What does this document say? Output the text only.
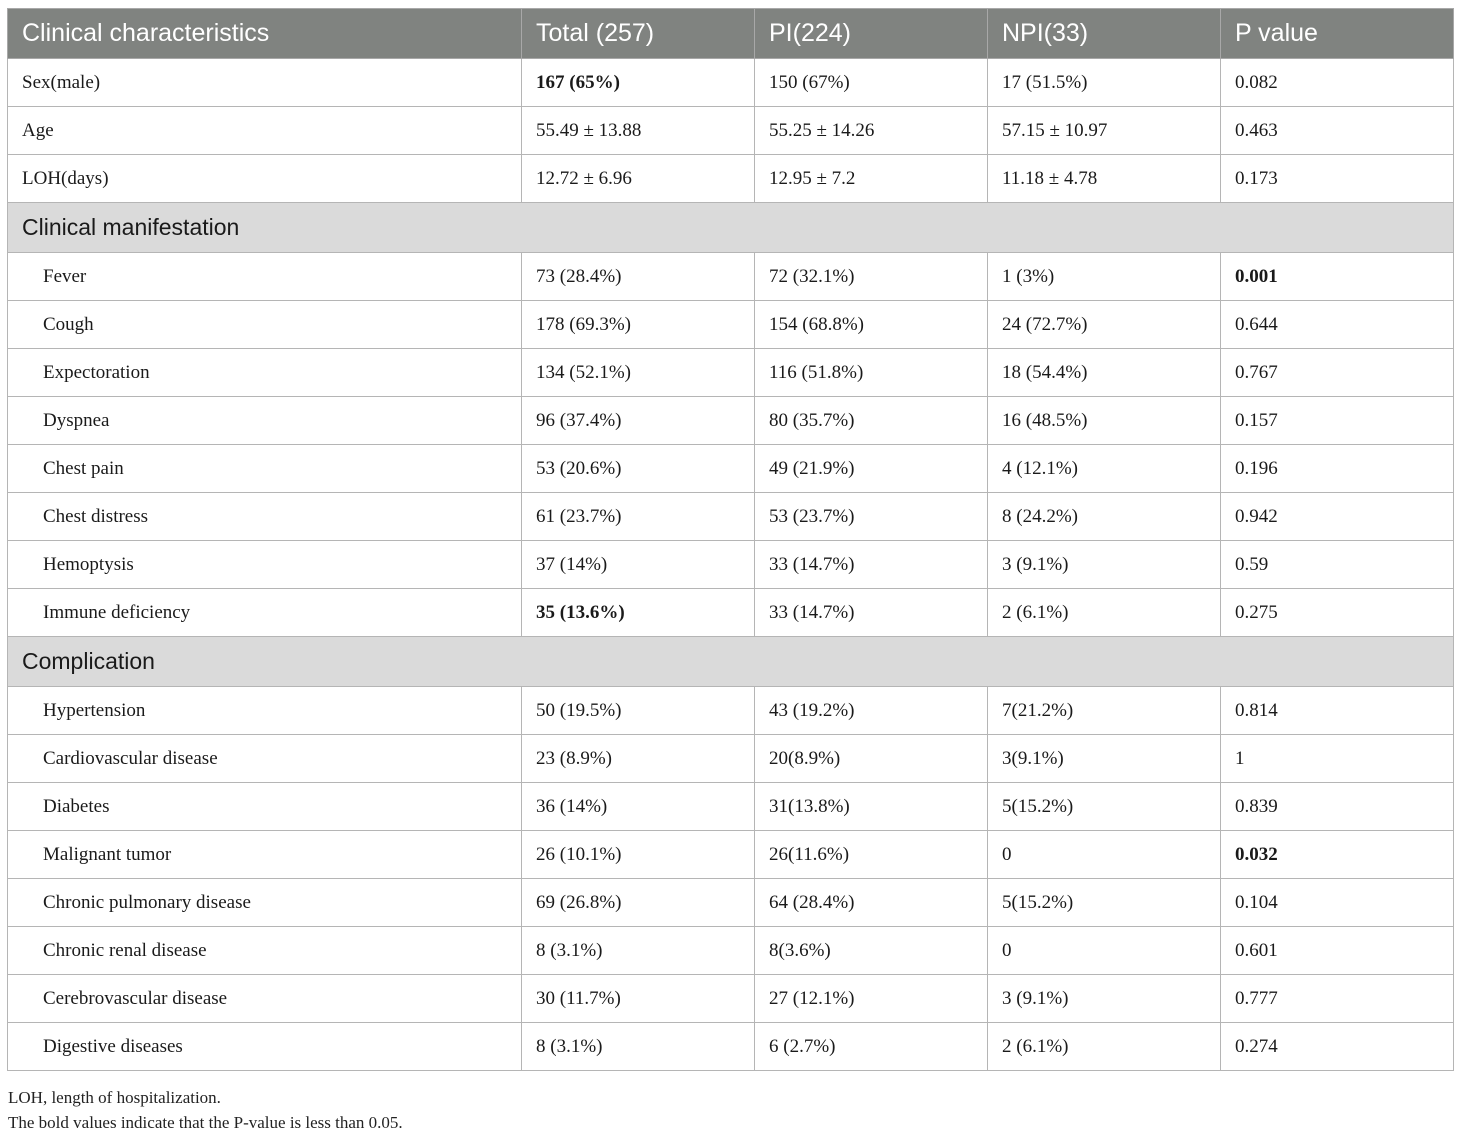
Clinical characteristics	Total (257)	PI(224)	NPI(33)	P value
Sex(male)	167 (65%)	150 (67%)	17 (51.5%)	0.082
Age	55.49 ± 13.88	55.25 ± 14.26	57.15 ± 10.97	0.463
LOH(days)	12.72 ± 6.96	12.95 ± 7.2	11.18 ± 4.78	0.173
Clinical manifestation				
Fever	73 (28.4%)	72 (32.1%)	1 (3%)	0.001
Cough	178 (69.3%)	154 (68.8%)	24 (72.7%)	0.644
Expectoration	134 (52.1%)	116 (51.8%)	18 (54.4%)	0.767
Dyspnea	96 (37.4%)	80 (35.7%)	16 (48.5%)	0.157
Chest pain	53 (20.6%)	49 (21.9%)	4 (12.1%)	0.196
Chest distress	61 (23.7%)	53 (23.7%)	8 (24.2%)	0.942
Hemoptysis	37 (14%)	33 (14.7%)	3 (9.1%)	0.59
Immune deficiency	35 (13.6%)	33 (14.7%)	2 (6.1%)	0.275
Complication				
Hypertension	50 (19.5%)	43 (19.2%)	7(21.2%)	0.814
Cardiovascular disease	23 (8.9%)	20(8.9%)	3(9.1%)	1
Diabetes	36 (14%)	31(13.8%)	5(15.2%)	0.839
Malignant tumor	26 (10.1%)	26(11.6%)	0	0.032
Chronic pulmonary disease	69 (26.8%)	64 (28.4%)	5(15.2%)	0.104
Chronic renal disease	8 (3.1%)	8(3.6%)	0	0.601
Cerebrovascular disease	30 (11.7%)	27 (12.1%)	3 (9.1%)	0.777
Digestive diseases	8 (3.1%)	6 (2.7%)	2 (6.1%)	0.274
LOH, length of hospitalization.
The bold values indicate that the P-value is less than 0.05.
